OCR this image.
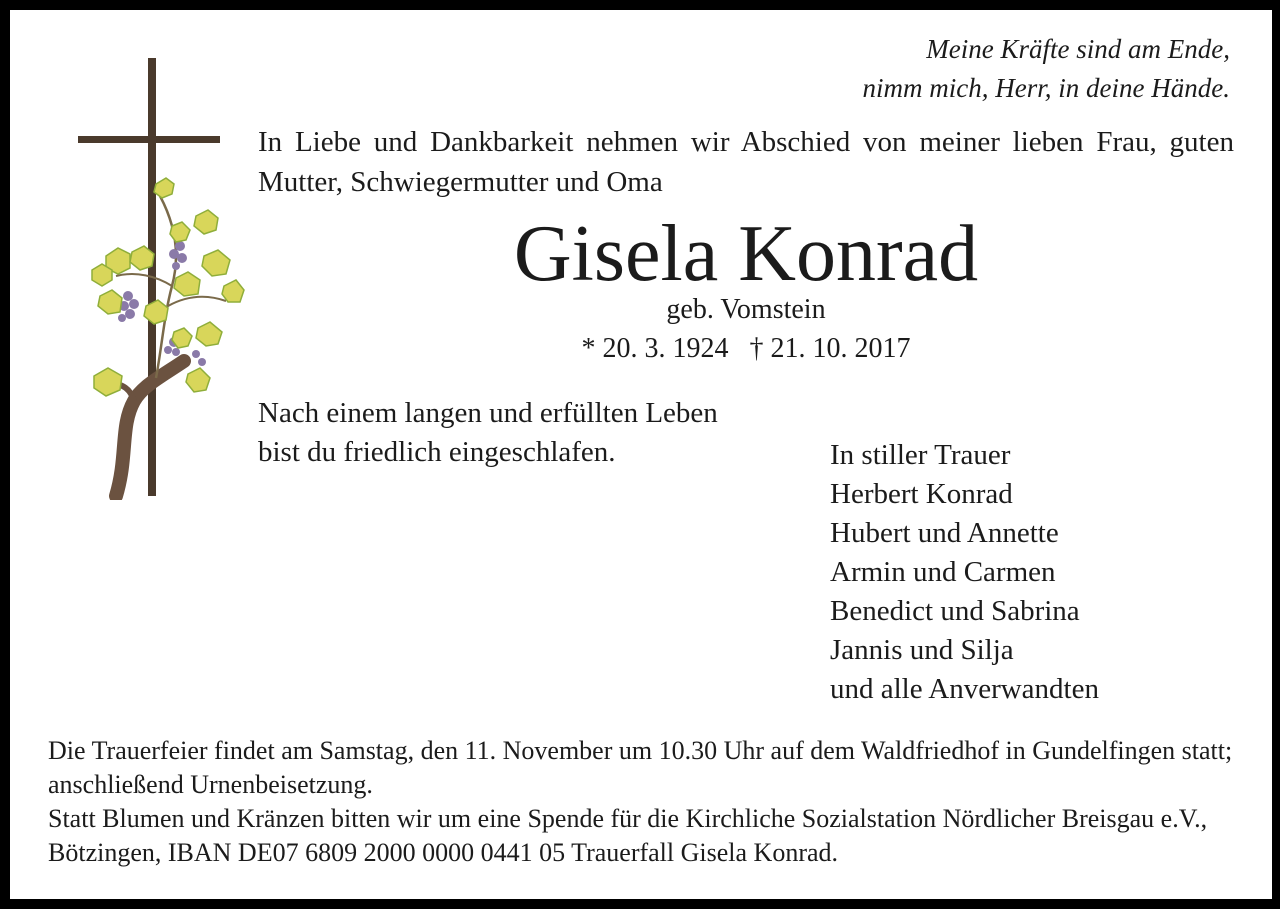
Meine Kräfte sind am Ende,
nimm mich, Herr, in deine Hände.
In Liebe und Dankbarkeit nehmen wir Abschied von meiner lieben Frau, guten Mutter, Schwiegermutter und Oma
Gisela Konrad
geb. Vomstein
* 20. 3. 1924   † 21. 10. 2017
Nach einem langen und erfüllten Leben
bist du friedlich eingeschlafen.	In stiller Trauer
Herbert Konrad
Hubert und Annette
Armin und Carmen
Benedict und Sabrina
Jannis und Silja
und alle Anverwandten

Die Trauerfeier findet am Samstag, den 11. November um 10.30 Uhr auf dem Waldfriedhof in Gundelfingen statt; anschließend Urnenbeisetzung.

Statt Blumen und Kränzen bitten wir um eine Spende für die Kirchliche Sozialstation Nördlicher Breisgau e.V., Bötzingen, IBAN DE07 6809 2000 0000 0441 05 Trauerfall Gisela Konrad.
